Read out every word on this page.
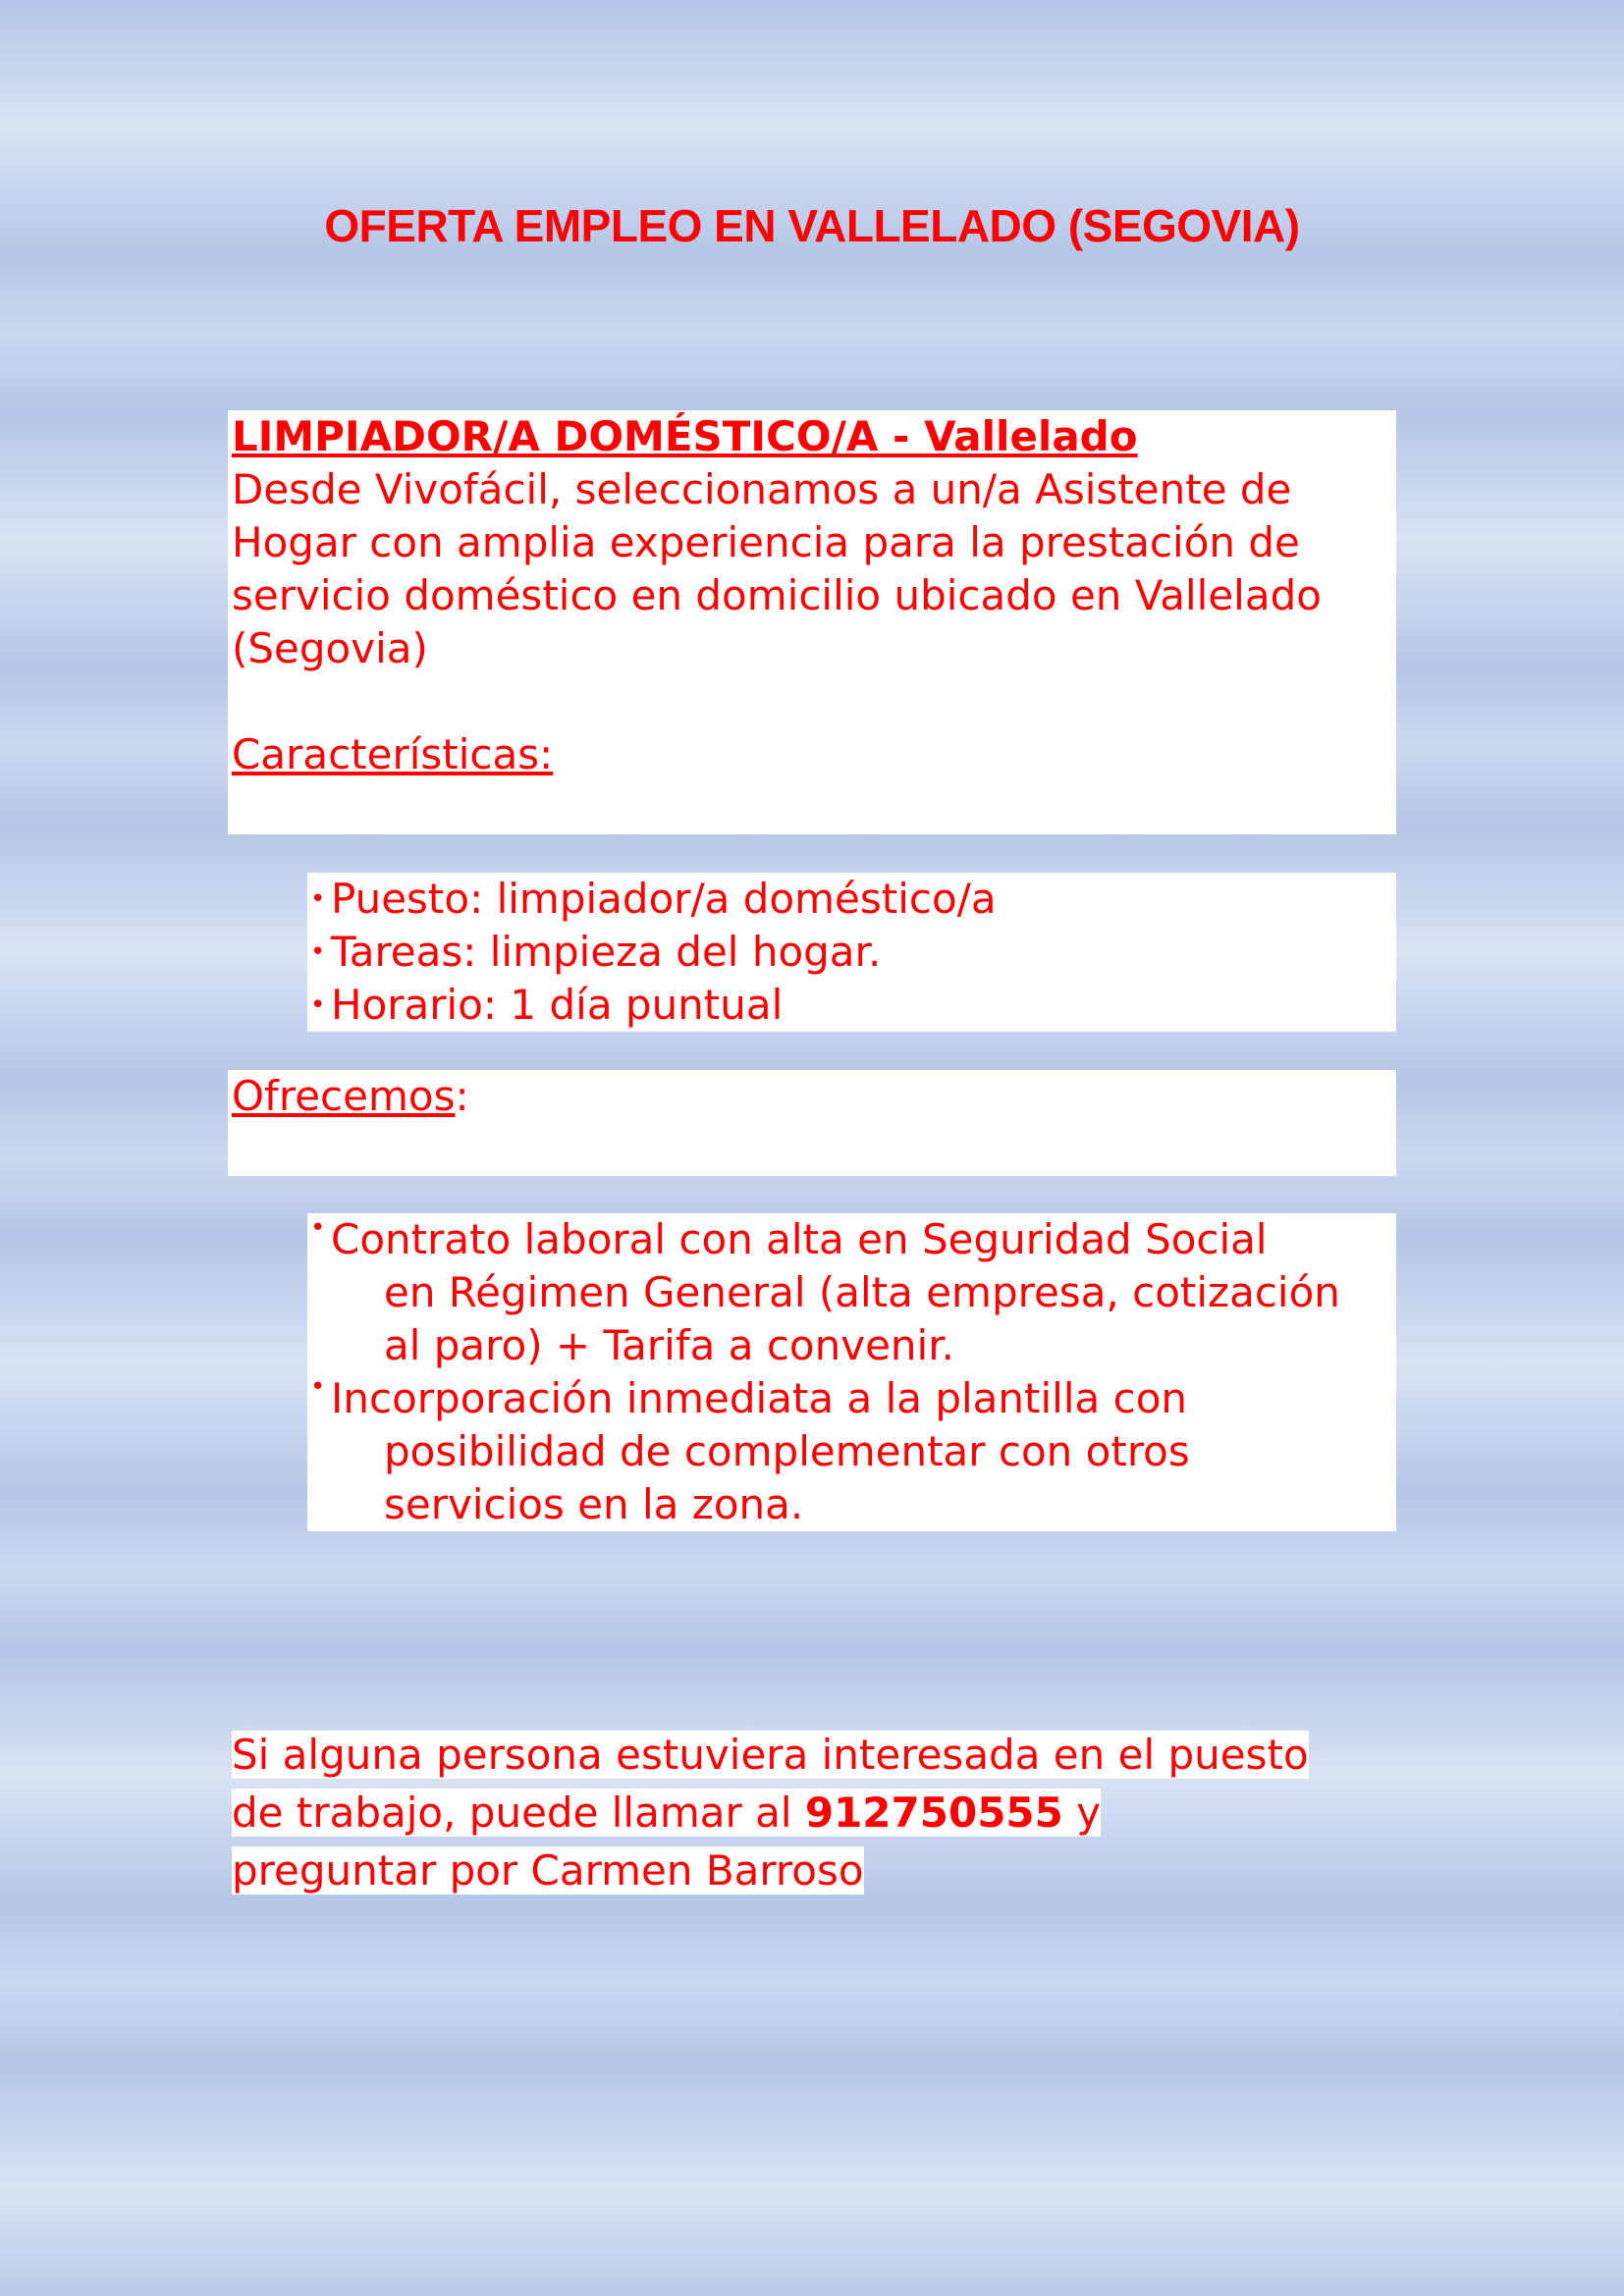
OFERTA EMPLEO EN VALLELADO (SEGOVIA)
LIMPIADOR/A DOMÉSTICO/A - Vallelado
Desde Vivofácil, seleccionamos a un/a Asistente de
Hogar con amplia experiencia para la prestación de
servicio doméstico en domicilio ubicado en Vallelado
(Segovia)
Características:
• Puesto: limpiador/a doméstico/a
• Tareas: limpieza del hogar.
• Horario: 1 día puntual
Ofrecemos:
• Contrato laboral con alta en Seguridad Social
en Régimen General (alta empresa, cotización
al paro) + Tarifa a convenir.
• Incorporación inmediata a la plantilla con
posibilidad de complementar con otros
servicios en la zona.

Si alguna persona estuviera interesada en el puesto
de trabajo, puede llamar al 912750555 y
preguntar por Carmen Barroso
